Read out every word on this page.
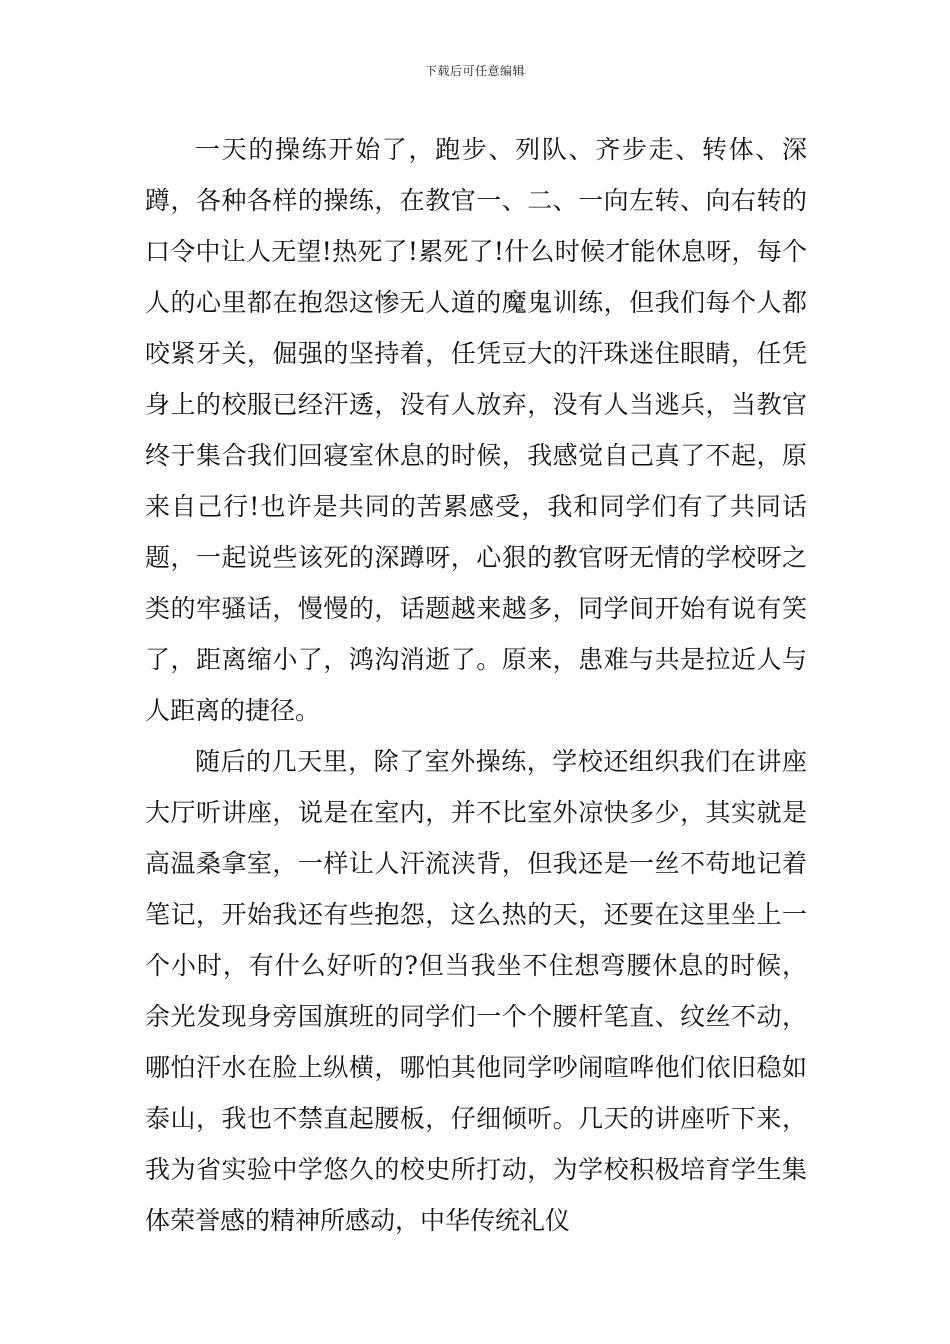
下载后可任意编辑

一天的操练开始了，跑步、列队、齐步走、转体、深蹲，各种各样的操练，在教官一、二、一向左转、向右转的口令中让人无望!热死了!累死了!什么时候才能休息呀，每个人的心里都在抱怨这惨无人道的魔鬼训练，但我们每个人都咬紧牙关，倔强的坚持着，任凭豆大的汗珠迷住眼睛，任凭身上的校服已经汗透，没有人放弃，没有人当逃兵，当教官终于集合我们回寝室休息的时候，我感觉自己真了不起，原来自己行!也许是共同的苦累感受，我和同学们有了共同话题，一起说些该死的深蹲呀，心狠的教官呀无情的学校呀之类的牢骚话，慢慢的，话题越来越多，同学间开始有说有笑了，距离缩小了，鸿沟消逝了。原来，患难与共是拉近人与人距离的捷径。

随后的几天里，除了室外操练，学校还组织我们在讲座大厅听讲座，说是在室内，并不比室外凉快多少，其实就是高温桑拿室，一样让人汗流浃背，但我还是一丝不苟地记着笔记，开始我还有些抱怨，这么热的天，还要在这里坐上一个小时，有什么好听的?但当我坐不住想弯腰休息的时候，余光发现身旁国旗班的同学们一个个腰杆笔直、纹丝不动，哪怕汗水在脸上纵横，哪怕其他同学吵闹喧哗他们依旧稳如泰山，我也不禁直起腰板，仔细倾听。几天的讲座听下来，我为省实验中学悠久的校史所打动，为学校积极培育学生集体荣誉感的精神所感动，中华传统礼仪
